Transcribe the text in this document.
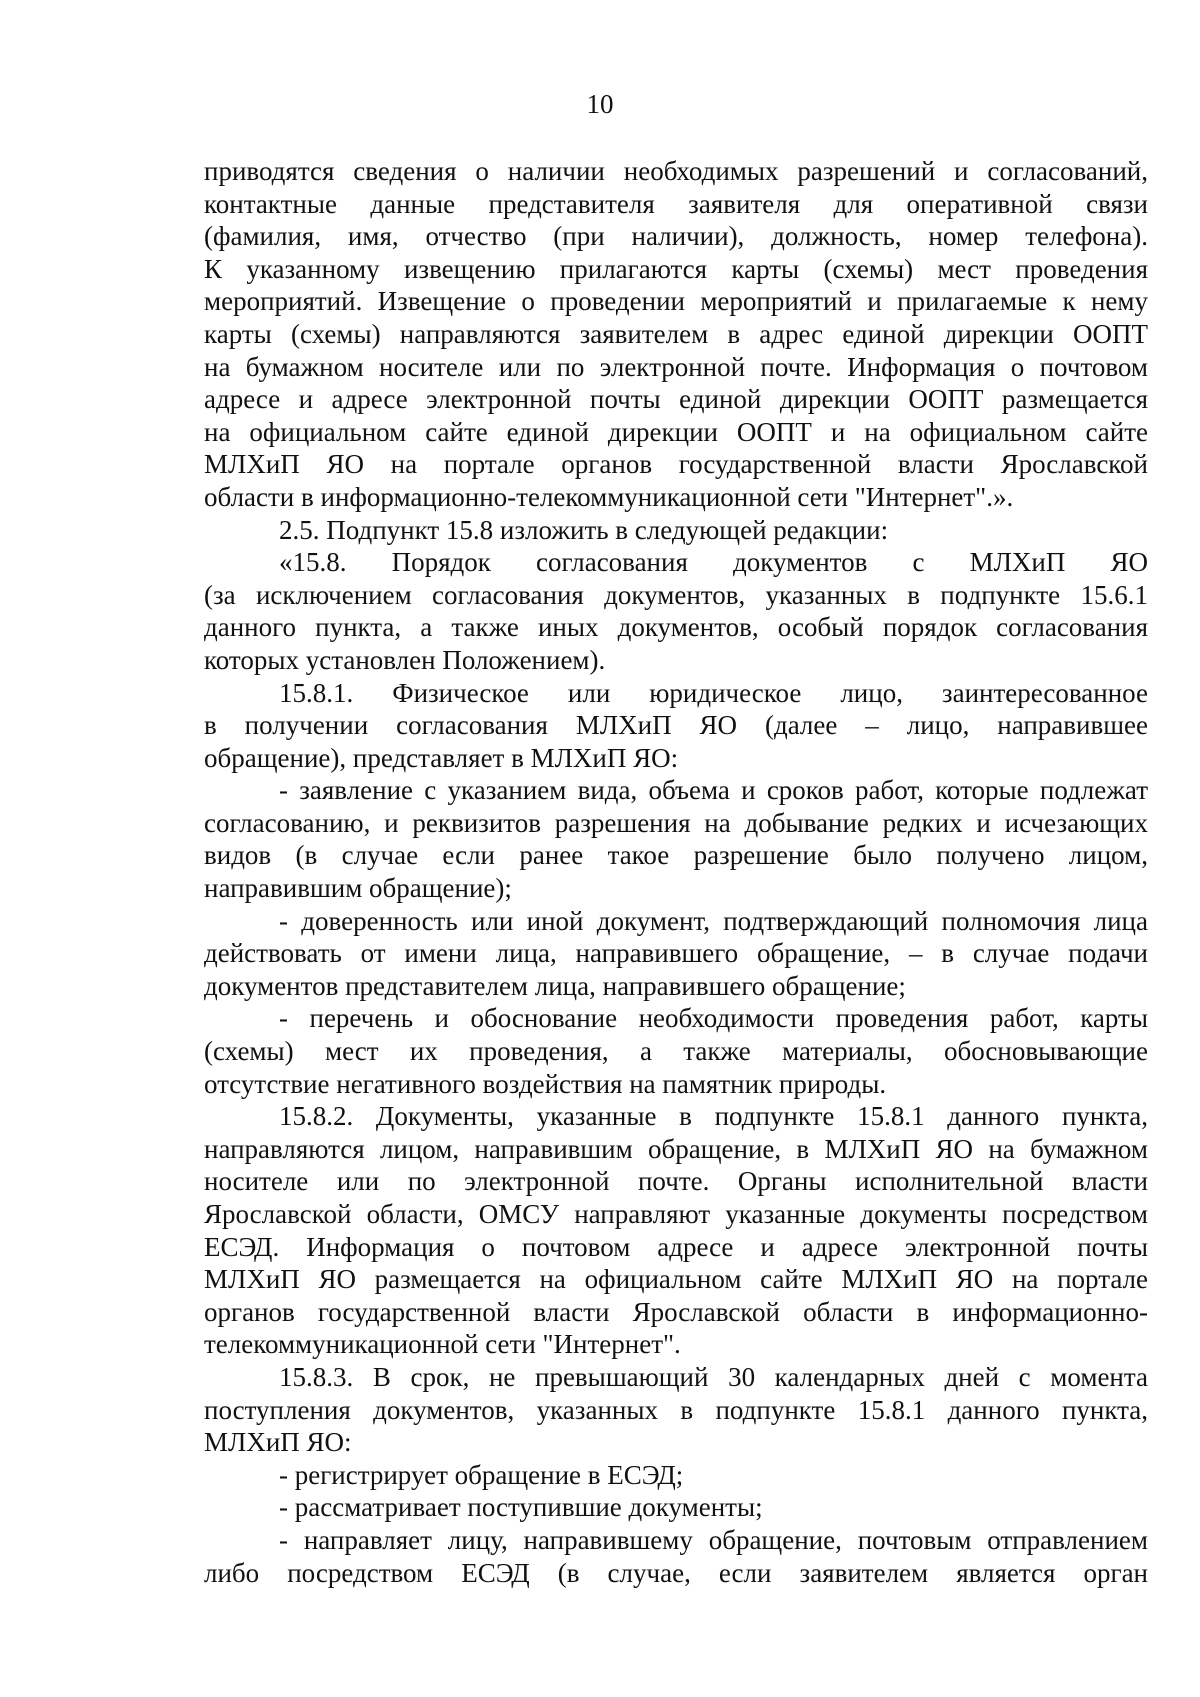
10
приводятся сведения о наличии необходимых разрешений и согласований,
контактные данные представителя заявителя для оперативной связи
(фамилия, имя, отчество (при наличии), должность, номер телефона).
К указанному извещению прилагаются карты (схемы) мест проведения
мероприятий. Извещение о проведении мероприятий и прилагаемые к нему
карты (схемы) направляются заявителем в адрес единой дирекции ООПТ
на бумажном носителе или по электронной почте. Информация о почтовом
адресе и адресе электронной почты единой дирекции ООПТ размещается
на официальном сайте единой дирекции ООПТ и на официальном сайте
МЛХиП ЯО на портале органов государственной власти Ярославской
области в информационно-телекоммуникационной сети "Интернет".».
2.5. Подпункт 15.8 изложить в следующей редакции:
«15.8. Порядок согласования документов с МЛХиП ЯО
(за исключением согласования документов, указанных в подпункте 15.6.1
данного пункта, а также иных документов, особый порядок согласования
которых установлен Положением).
15.8.1. Физическое или юридическое лицо, заинтересованное
в получении согласования МЛХиП ЯО (далее – лицо, направившее
обращение), представляет в МЛХиП ЯО:
- заявление с указанием вида, объема и сроков работ, которые подлежат
согласованию, и реквизитов разрешения на добывание редких и исчезающих
видов (в случае если ранее такое разрешение было получено лицом,
направившим обращение);
- доверенность или иной документ, подтверждающий полномочия лица
действовать от имени лица, направившего обращение, – в случае подачи
документов представителем лица, направившего обращение;
- перечень и обоснование необходимости проведения работ, карты
(схемы) мест их проведения, а также материалы, обосновывающие
отсутствие негативного воздействия на памятник природы.
15.8.2. Документы, указанные в подпункте 15.8.1 данного пункта,
направляются лицом, направившим обращение, в МЛХиП ЯО на бумажном
носителе или по электронной почте. Органы исполнительной власти
Ярославской области, ОМСУ направляют указанные документы посредством
ЕСЭД. Информация о почтовом адресе и адресе электронной почты
МЛХиП ЯО размещается на официальном сайте МЛХиП ЯО на портале
органов государственной власти Ярославской области в информационно-
телекоммуникационной сети "Интернет".
15.8.3. В срок, не превышающий 30 календарных дней с момента
поступления документов, указанных в подпункте 15.8.1 данного пункта,
МЛХиП ЯО:
- регистрирует обращение в ЕСЭД;
- рассматривает поступившие документы;
- направляет лицу, направившему обращение, почтовым отправлением
либо посредством ЕСЭД (в случае, если заявителем является орган
